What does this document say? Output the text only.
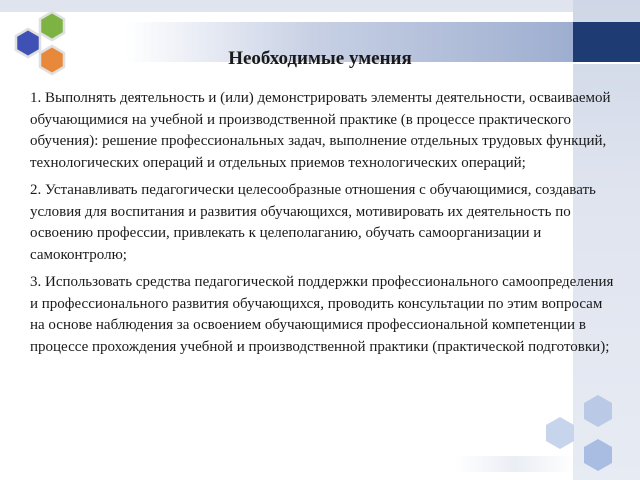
Необходимые умения

1. Выполнять деятельность и (или) демонстрировать элементы деятельности, осваиваемой обучающимися на учебной и производственной практике (в процессе практического обучения): решение профессиональных задач, выполнение отдельных трудовых функций, технологических операций и отдельных приемов технологических операций;

2. Устанавливать педагогически целесообразные отношения с обучающимися, создавать условия для воспитания и развития обучающихся, мотивировать их деятельность по освоению профессии, привлекать к целеполаганию, обучать самоорганизации и самоконтролю;

3. Использовать средства педагогической поддержки профессионального самоопределения и профессионального развития обучающихся, проводить консультации по этим вопросам на основе наблюдения за освоением обучающимися профессиональной компетенции в процессе прохождения учебной и производственной практики (практической подготовки);
